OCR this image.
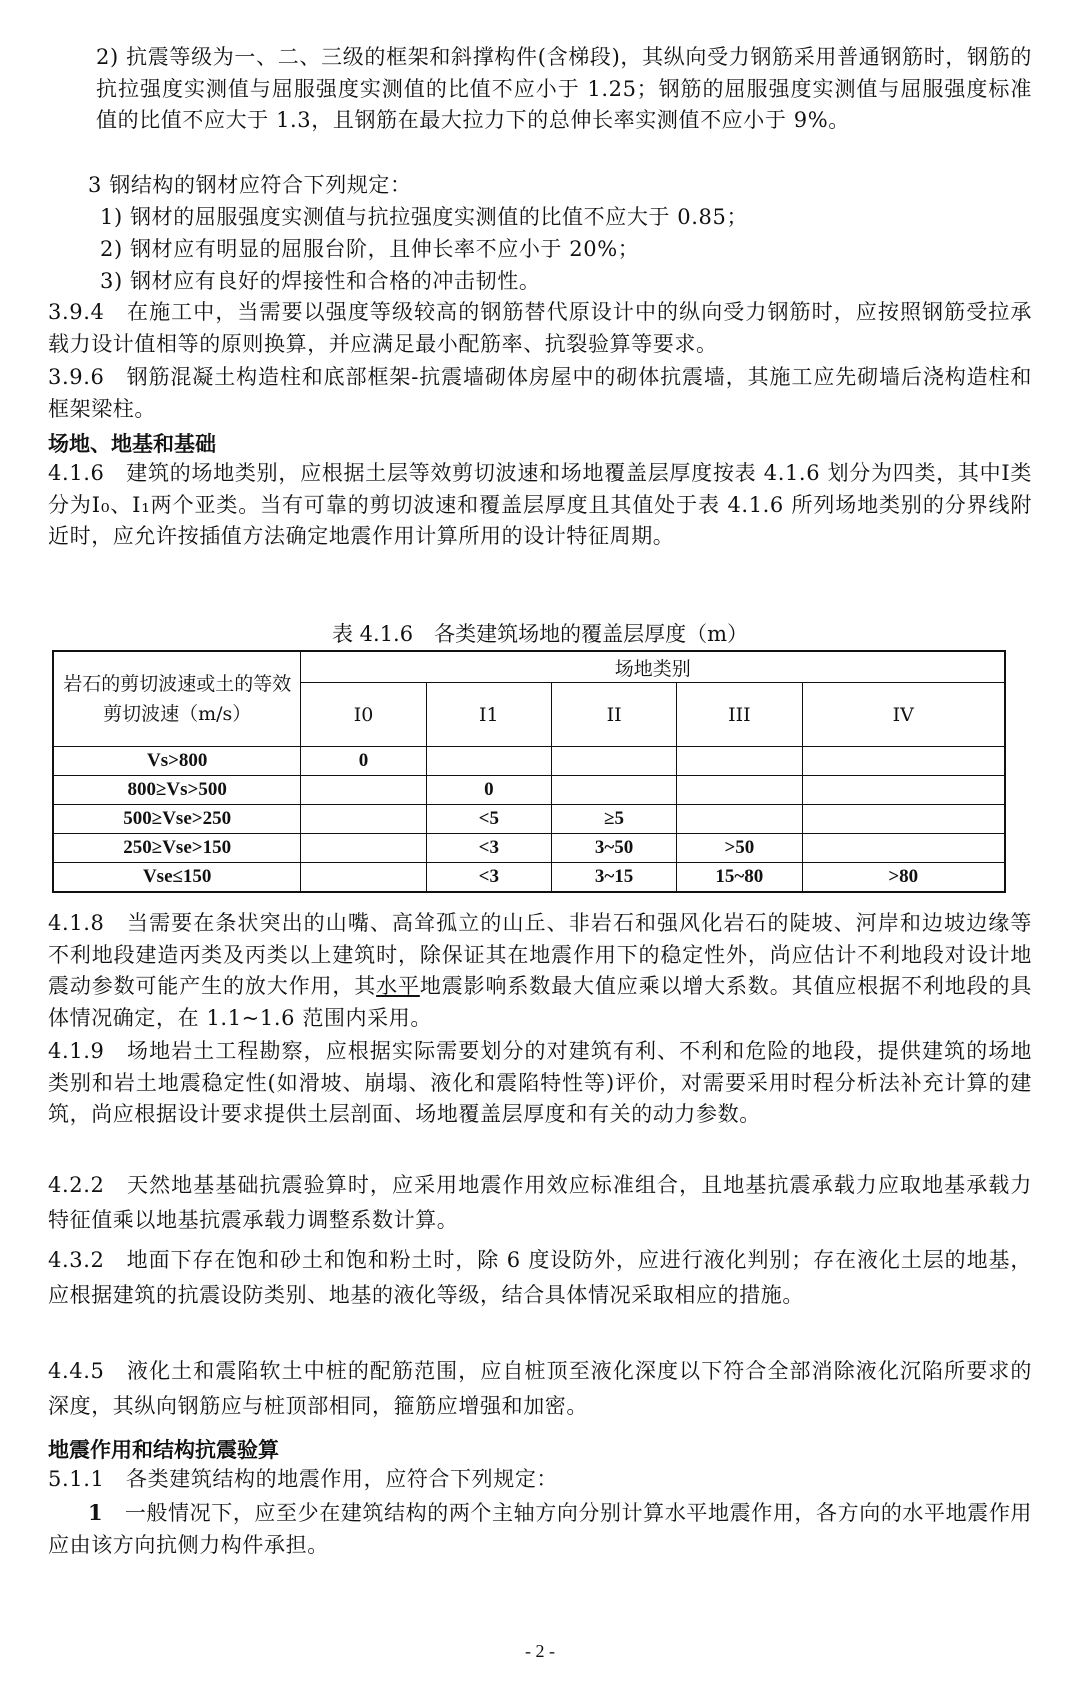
2) 抗震等级为一、二、三级的框架和斜撑构件(含梯段)，其纵向受力钢筋采用普通钢筋时，钢筋的抗拉强度实测值与屈服强度实测值的比值不应小于 1.25；钢筋的屈服强度实测值与屈服强度标准值的比值不应大于 1.3，且钢筋在最大拉力下的总伸长率实测值不应小于 9%。

3 钢结构的钢材应符合下列规定：

1) 钢材的屈服强度实测值与抗拉强度实测值的比值不应大于 0.85；

2) 钢材应有明显的屈服台阶，且伸长率不应小于 20%；

3) 钢材应有良好的焊接性和合格的冲击韧性。

3.9.4　在施工中，当需要以强度等级较高的钢筋替代原设计中的纵向受力钢筋时，应按照钢筋受拉承载力设计值相等的原则换算，并应满足最小配筋率、抗裂验算等要求。

3.9.6　钢筋混凝土构造柱和底部框架-抗震墙砌体房屋中的砌体抗震墙，其施工应先砌墙后浇构造柱和框架梁柱。

场地、地基和基础

4.1.6　建筑的场地类别，应根据土层等效剪切波速和场地覆盖层厚度按表 4.1.6 划分为四类，其中Ⅰ类分为Ⅰ₀、Ⅰ₁两个亚类。当有可靠的剪切波速和覆盖层厚度且其值处于表 4.1.6 所列场地类别的分界线附近时，应允许按插值方法确定地震作用计算所用的设计特征周期。

表 4.1.6　各类建筑场地的覆盖层厚度（m）

岩石的剪切波速或土的等效剪切波速（m/s）	场地类别				
	I0	I1	II	III	IV
Vs>800	0				
800≥Vs>500		0			
500≥Vse>250		<5	≥5		
250≥Vse>150		<3	3~50	>50	
Vse≤150		<3	3~15	15~80	>80

4.1.8　当需要在条状突出的山嘴、高耸孤立的山丘、非岩石和强风化岩石的陡坡、河岸和边坡边缘等不利地段建造丙类及丙类以上建筑时，除保证其在地震作用下的稳定性外，尚应估计不利地段对设计地震动参数可能产生的放大作用，其水平地震影响系数最大值应乘以增大系数。其值应根据不利地段的具体情况确定，在 1.1~1.6 范围内采用。

4.1.9　场地岩土工程勘察，应根据实际需要划分的对建筑有利、不利和危险的地段，提供建筑的场地类别和岩土地震稳定性(如滑坡、崩塌、液化和震陷特性等)评价，对需要采用时程分析法补充计算的建筑，尚应根据设计要求提供土层剖面、场地覆盖层厚度和有关的动力参数。

4.2.2　天然地基基础抗震验算时，应采用地震作用效应标准组合，且地基抗震承载力应取地基承载力特征值乘以地基抗震承载力调整系数计算。

4.3.2　地面下存在饱和砂土和饱和粉土时，除 6 度设防外，应进行液化判别；存在液化土层的地基，应根据建筑的抗震设防类别、地基的液化等级，结合具体情况采取相应的措施。

4.4.5　液化土和震陷软土中桩的配筋范围，应自桩顶至液化深度以下符合全部消除液化沉陷所要求的深度，其纵向钢筋应与桩顶部相同，箍筋应增强和加密。

地震作用和结构抗震验算

5.1.1　各类建筑结构的地震作用，应符合下列规定：

1　一般情况下，应至少在建筑结构的两个主轴方向分别计算水平地震作用，各方向的水平地震作用应由该方向抗侧力构件承担。

- 2 -
